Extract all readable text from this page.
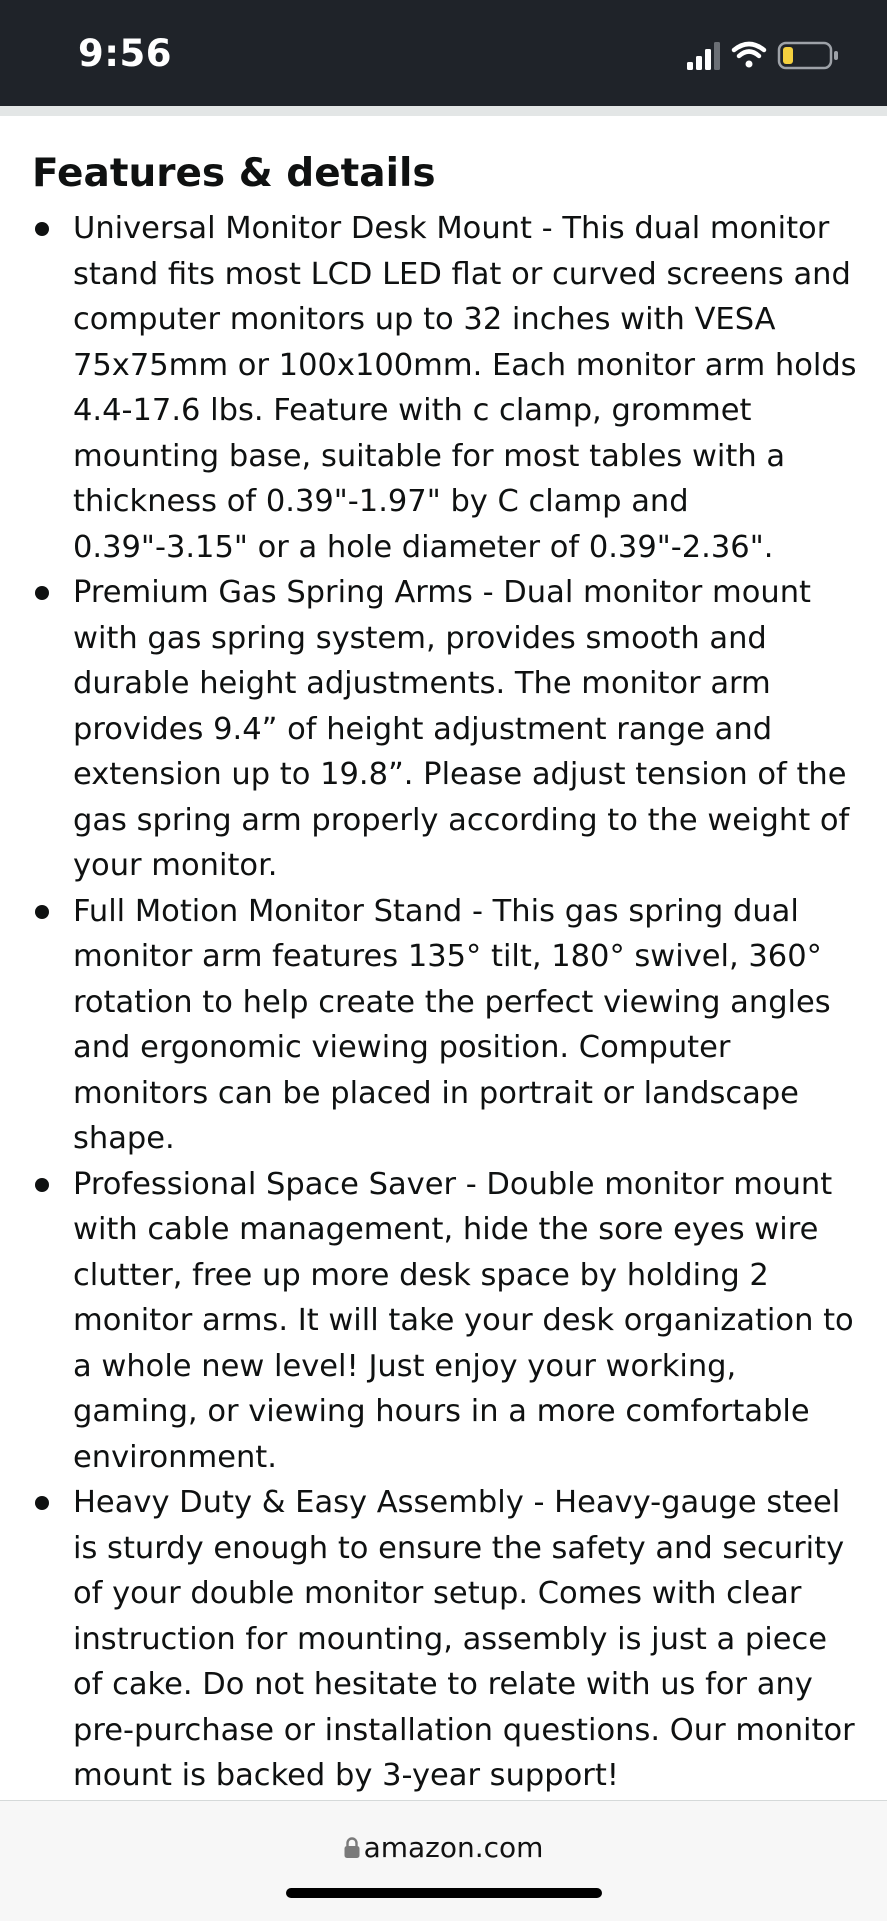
9:56
Features & details
Universal Monitor Desk Mount - This dual monitor stand fits most LCD LED flat or curved screens and computer monitors up to 32 inches with VESA 75x75mm or 100x100mm. Each monitor arm holds 4.4-17.6 lbs. Feature with c clamp, grommet mounting base, suitable for most tables with a thickness of 0.39"-1.97" by C clamp and 0.39"-3.15" or a hole diameter of 0.39"-2.36".
Premium Gas Spring Arms - Dual monitor mount with gas spring system, provides smooth and durable height adjustments. The monitor arm provides 9.4” of height adjustment range and extension up to 19.8”. Please adjust tension of the gas spring arm properly according to the weight of your monitor.
Full Motion Monitor Stand - This gas spring dual monitor arm features 135° tilt, 180° swivel, 360° rotation to help create the perfect viewing angles and ergonomic viewing position. Computer monitors can be placed in portrait or landscape shape.
Professional Space Saver - Double monitor mount with cable management, hide the sore eyes wire clutter, free up more desk space by holding 2 monitor arms. It will take your desk organization to a whole new level! Just enjoy your working, gaming, or viewing hours in a more comfortable environment.
Heavy Duty & Easy Assembly - Heavy-gauge steel is sturdy enough to ensure the safety and security of your double monitor setup. Comes with clear instruction for mounting, assembly is just a piece of cake. Do not hesitate to relate with us for any pre-purchase or installation questions. Our monitor mount is backed by 3-year support!
amazon.com
